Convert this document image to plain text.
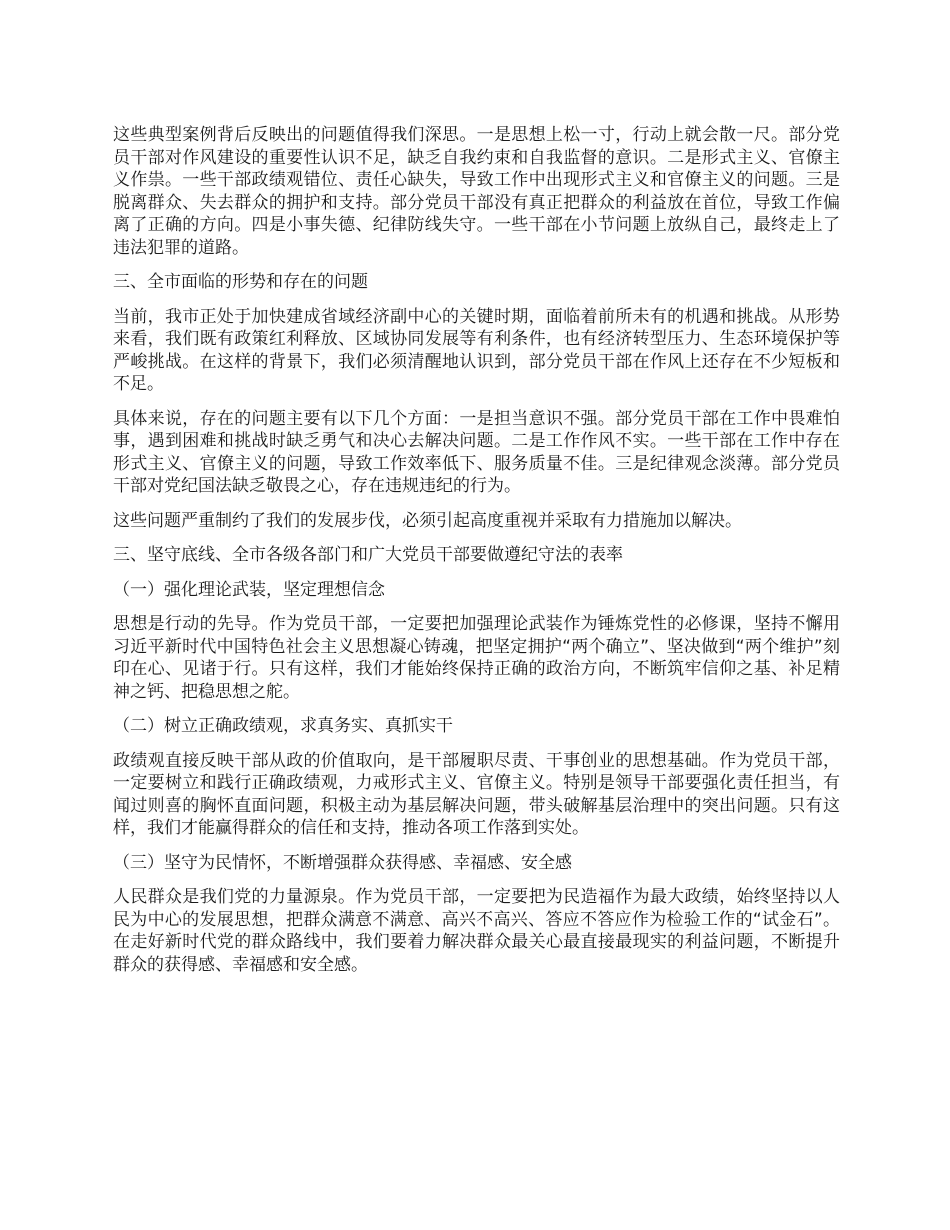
这些典型案例背后反映出的问题值得我们深思。一是思想上松一寸，行动上就会散一尺。部分党员干部对作风建设的重要性认识不足，缺乏自我约束和自我监督的意识。二是形式主义、官僚主义作祟。一些干部政绩观错位、责任心缺失，导致工作中出现形式主义和官僚主义的问题。三是脱离群众、失去群众的拥护和支持。部分党员干部没有真正把群众的利益放在首位，导致工作偏离了正确的方向。四是小事失德、纪律防线失守。一些干部在小节问题上放纵自己，最终走上了违法犯罪的道路。

三、全市面临的形势和存在的问题

当前，我市正处于加快建成省域经济副中心的关键时期，面临着前所未有的机遇和挑战。从形势来看，我们既有政策红利释放、区域协同发展等有利条件，也有经济转型压力、生态环境保护等严峻挑战。在这样的背景下，我们必须清醒地认识到，部分党员干部在作风上还存在不少短板和不足。

具体来说，存在的问题主要有以下几个方面：一是担当意识不强。部分党员干部在工作中畏难怕事，遇到困难和挑战时缺乏勇气和决心去解决问题。二是工作作风不实。一些干部在工作中存在形式主义、官僚主义的问题，导致工作效率低下、服务质量不佳。三是纪律观念淡薄。部分党员干部对党纪国法缺乏敬畏之心，存在违规违纪的行为。

这些问题严重制约了我们的发展步伐，必须引起高度重视并采取有力措施加以解决。

三、坚守底线、全市各级各部门和广大党员干部要做遵纪守法的表率

（一）强化理论武装，坚定理想信念

思想是行动的先导。作为党员干部，一定要把加强理论武装作为锤炼党性的必修课，坚持不懈用习近平新时代中国特色社会主义思想凝心铸魂，把坚定拥护“两个确立”、坚决做到“两个维护”刻印在心、见诸于行。只有这样，我们才能始终保持正确的政治方向，不断筑牢信仰之基、补足精神之钙、把稳思想之舵。

（二）树立正确政绩观，求真务实、真抓实干

政绩观直接反映干部从政的价值取向，是干部履职尽责、干事创业的思想基础。作为党员干部，一定要树立和践行正确政绩观，力戒形式主义、官僚主义。特别是领导干部要强化责任担当，有闻过则喜的胸怀直面问题，积极主动为基层解决问题，带头破解基层治理中的突出问题。只有这样，我们才能赢得群众的信任和支持，推动各项工作落到实处。

（三）坚守为民情怀，不断增强群众获得感、幸福感、安全感

人民群众是我们党的力量源泉。作为党员干部，一定要把为民造福作为最大政绩，始终坚持以人民为中心的发展思想，把群众满意不满意、高兴不高兴、答应不答应作为检验工作的“试金石”。在走好新时代党的群众路线中，我们要着力解决群众最关心最直接最现实的利益问题，不断提升群众的获得感、幸福感和安全感。
